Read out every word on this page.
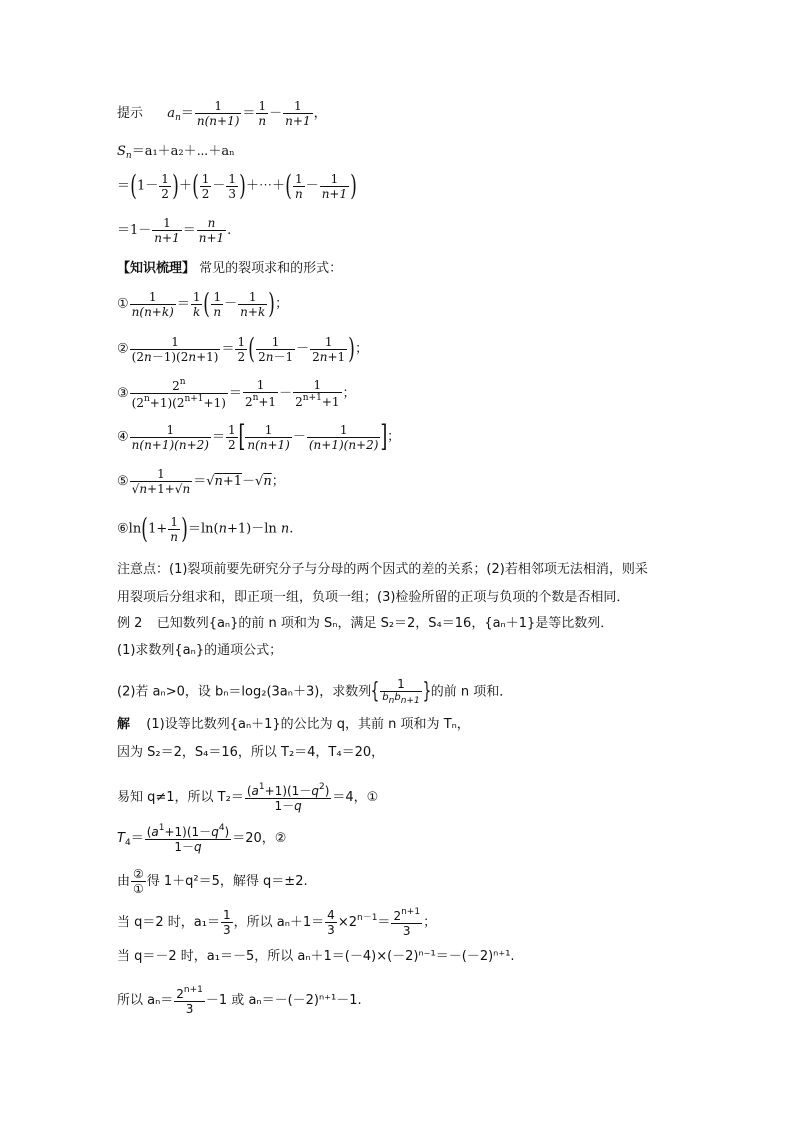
提示 $a_n= \frac{1}{n(n+1)} = \frac{1}{n} - \frac{1}{n+1}$ ，
$S_n=a_1+a_2+\cdots+a_n$
$=(1- \frac{1}{2}$ )＋( $\frac{1}{2} - \frac{1}{3}$ )＋⋯＋( $\frac{1}{n} - \frac{1}{n+1}$ )
$=1- \frac{1}{n+1} = \frac{n}{n+1}$ .
【知识梳理】 常见的裂项求和的形式：
① $\frac{1}{n(n+k)} = \frac{1}{k}$ ( $\frac{1}{n} - \frac{1}{n+k}$ )；
② $\frac{1}{(2n-1)(2n+1)} = \frac{1}{2}$ ( $\frac{1}{2n-1} - \frac{1}{2n+1}$ )；
③ $\frac{2^n}{(2^n+1)(2^{n+1}+1)} = \frac{1}{2^n+1} - \frac{1}{2^{n+1}+1}$ ；
④ $\frac{1}{n(n+1)(n+2)} = \frac{1}{2}$ [ $\frac{1}{n(n+1)} - \frac{1}{(n+1)(n+2)}$ ]；
⑤ $\frac{1}{√n+1+√n} =√n+1-√n$；
⑥ln(1+ $\frac{1}{n} )=\ln(n+1)-\ln$ n.
注意点：(1)裂项前要先研究分子与分母的两个因式的差的关系；(2)若相邻项无法相消，则采
用裂项后分组求和，即正项一组，负项一组；(3)检验所留的正项与负项的个数是否相同．
例 2 已知数列{aₙ}的前 n 项和为 Sₙ，满足 S₂＝2，S₄＝16，{aₙ＋1}是等比数列．
(1)求数列{aₙ}的通项公式；
(2)若 aₙ>0，设 bₙ＝log₂(3aₙ＋3)，求数列{ $\frac{1}{b_nb_{n+1}}$ }的前 n 项和．
解 (1)设等比数列{aₙ＋1}的公比为 q，其前 n 项和为 Tₙ，
因为 S₂＝2，S₄＝16，所以 T₂＝4，T₄＝20，
易知 q≠1，所以 $T_2= \frac{(a^1+1)(1-q^2)}{1-q} =4$，①
$T_4= \frac{(a^1+1)(1-q^4)}{1-q} =20$，②
由 $\frac{\text{②}}{\text{①}}$ 得 1＋q²＝5，解得 q＝±2.
当 q＝2 时，$a_1= \frac{1}{3}$ ，所以 $a_n+1= \frac{4}{3} \times 2^{n-1}= \frac{2^{n+1}}{3}$ ；
当 q＝－2 时，a₁＝－5，所以 aₙ＋1＝(－4)×(－2)ⁿ⁻¹＝－(－2)ⁿ⁺¹.
所以 $a_n= \frac{2^{n+1}}{3} -1$ 或 aₙ＝－(－2)ⁿ⁺¹－1.
